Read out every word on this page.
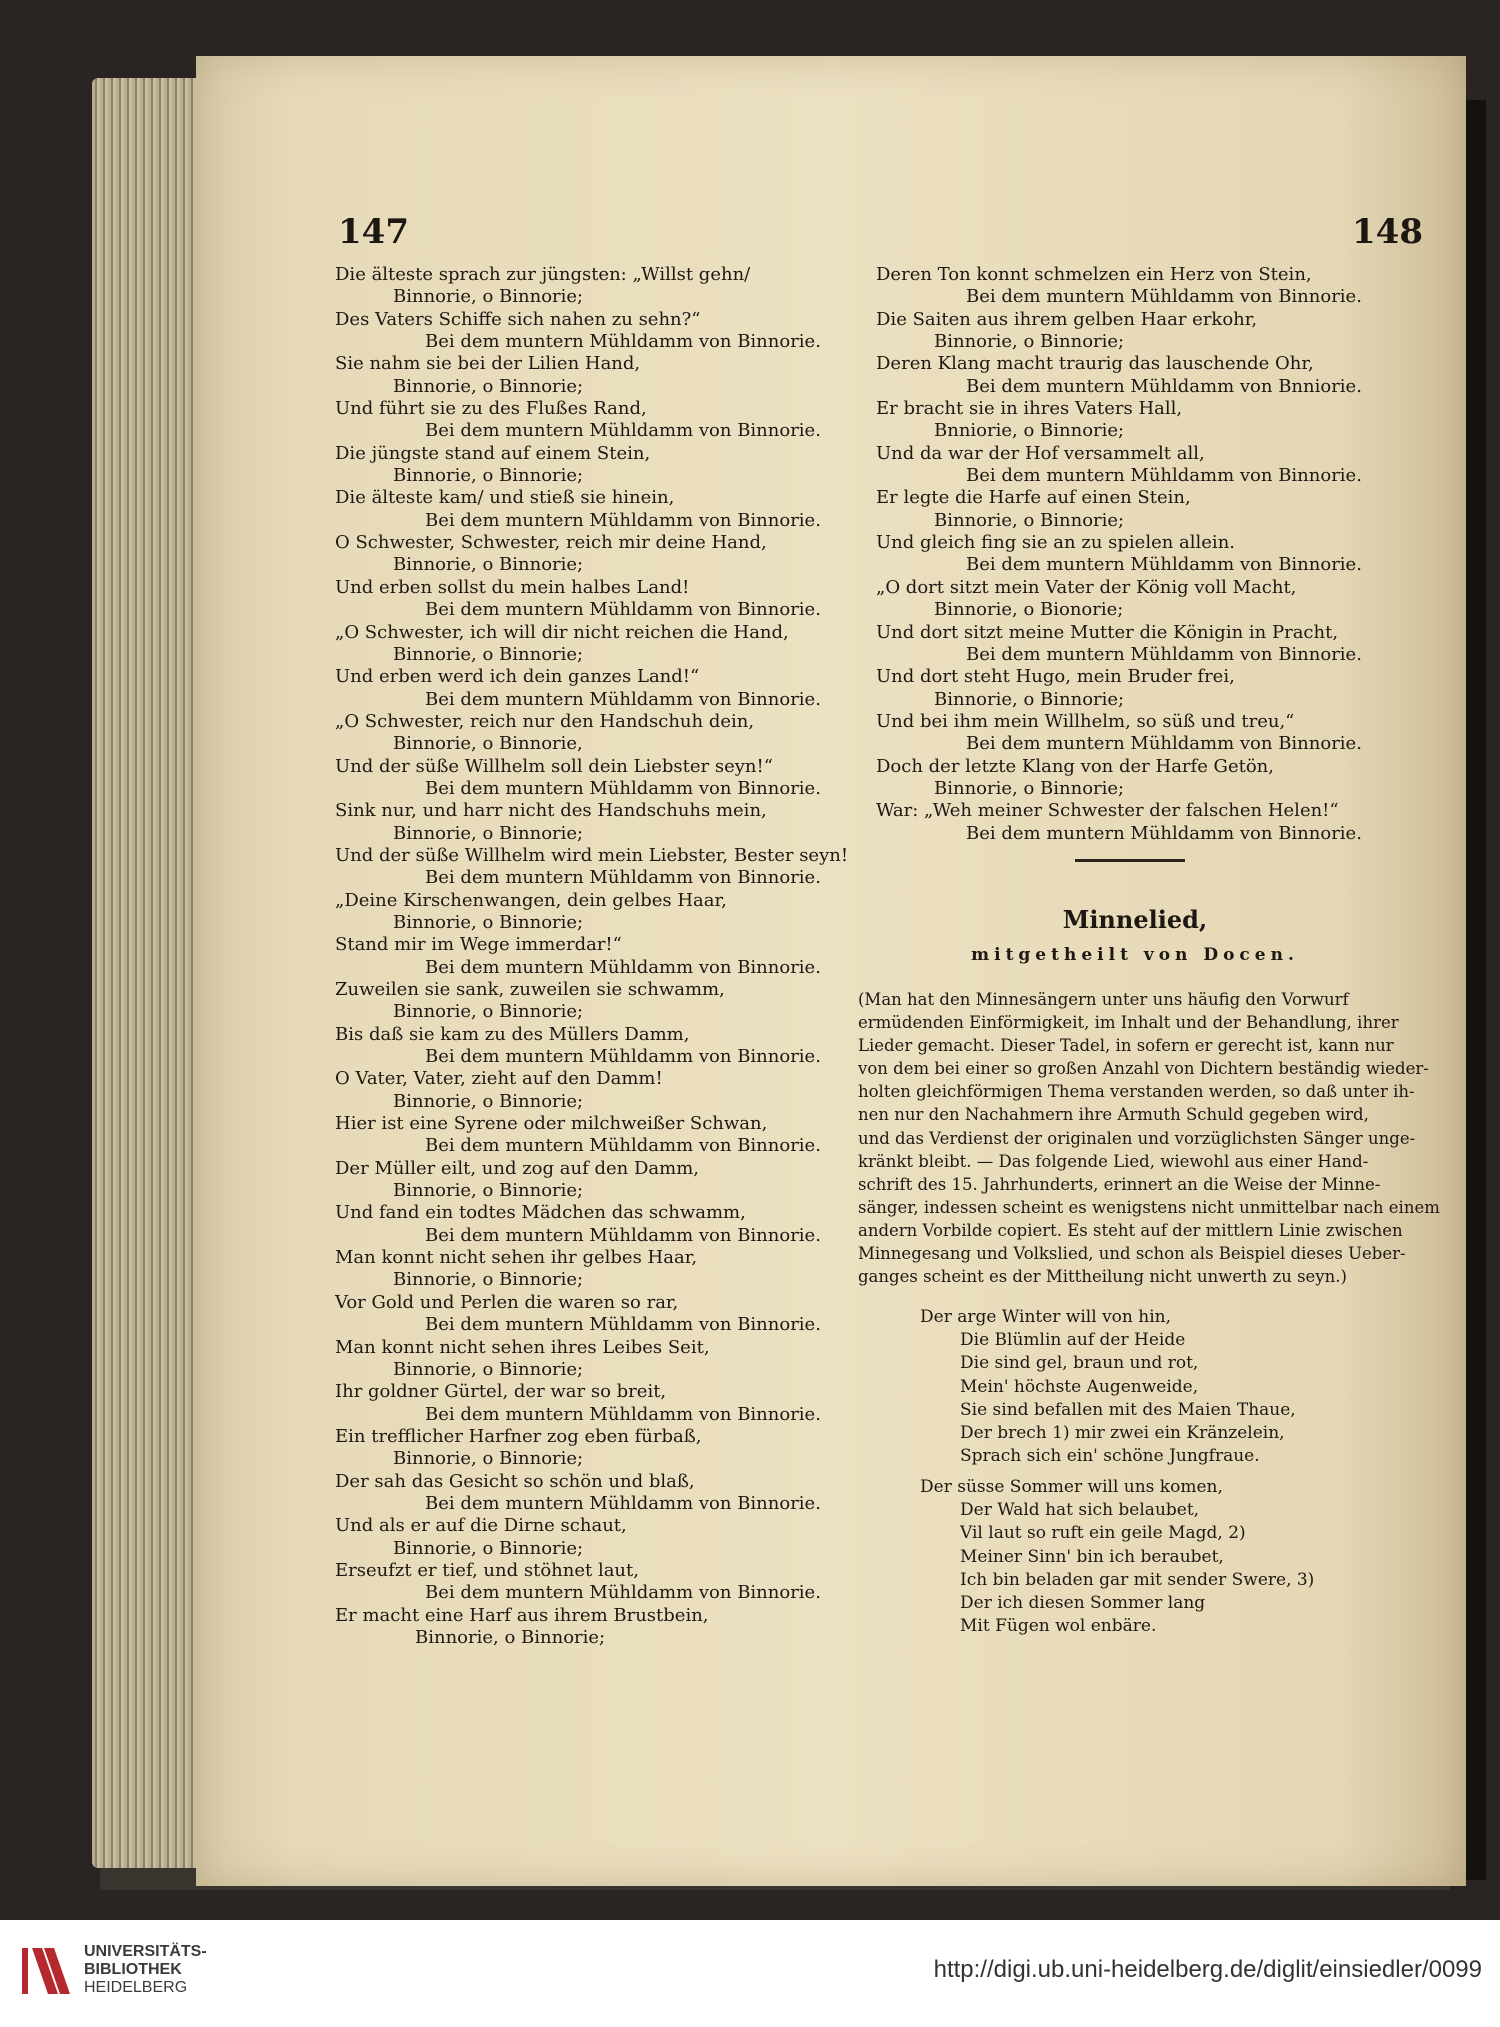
147	148
Die älteste sprach zur jüngsten: „Willst gehn/
Binnorie, o Binnorie;
Des Vaters Schiffe sich nahen zu sehn?“
Bei dem muntern Mühldamm von Binnorie.
Sie nahm sie bei der Lilien Hand,
Binnorie, o Binnorie;
Und führt sie zu des Flußes Rand,
Bei dem muntern Mühldamm von Binnorie.
Die jüngste stand auf einem Stein,
Binnorie, o Binnorie;
Die älteste kam/ und stieß sie hinein,
Bei dem muntern Mühldamm von Binnorie.
O Schwester, Schwester, reich mir deine Hand,
Binnorie, o Binnorie;
Und erben sollst du mein halbes Land!
Bei dem muntern Mühldamm von Binnorie.
„O Schwester, ich will dir nicht reichen die Hand,
Binnorie, o Binnorie;
Und erben werd ich dein ganzes Land!“
Bei dem muntern Mühldamm von Binnorie.
„O Schwester, reich nur den Handschuh dein,
Binnorie, o Binnorie,
Und der süße Willhelm soll dein Liebster seyn!“
Bei dem muntern Mühldamm von Binnorie.
Sink nur, und harr nicht des Handschuhs mein,
Binnorie, o Binnorie;
Und der süße Willhelm wird mein Liebster, Bester seyn!
Bei dem muntern Mühldamm von Binnorie.
„Deine Kirschenwangen, dein gelbes Haar,
Binnorie, o Binnorie;
Stand mir im Wege immerdar!“
Bei dem muntern Mühldamm von Binnorie.
Zuweilen sie sank, zuweilen sie schwamm,
Binnorie, o Binnorie;
Bis daß sie kam zu des Müllers Damm,
Bei dem muntern Mühldamm von Binnorie.
O Vater, Vater, zieht auf den Damm!
Binnorie, o Binnorie;
Hier ist eine Syrene oder milchweißer Schwan,
Bei dem muntern Mühldamm von Binnorie.
Der Müller eilt, und zog auf den Damm,
Binnorie, o Binnorie;
Und fand ein todtes Mädchen das schwamm,
Bei dem muntern Mühldamm von Binnorie.
Man konnt nicht sehen ihr gelbes Haar,
Binnorie, o Binnorie;
Vor Gold und Perlen die waren so rar,
Bei dem muntern Mühldamm von Binnorie.
Man konnt nicht sehen ihres Leibes Seit,
Binnorie, o Binnorie;
Ihr goldner Gürtel, der war so breit,
Bei dem muntern Mühldamm von Binnorie.
Ein trefflicher Harfner zog eben fürbaß,
Binnorie, o Binnorie;
Der sah das Gesicht so schön und blaß,
Bei dem muntern Mühldamm von Binnorie.
Und als er auf die Dirne schaut,
Binnorie, o Binnorie;
Erseufzt er tief, und stöhnet laut,
Bei dem muntern Mühldamm von Binnorie.
Er macht eine Harf aus ihrem Brustbein,
Binnorie, o Binnorie;
Deren Ton konnt schmelzen ein Herz von Stein,
Bei dem muntern Mühldamm von Binnorie.
Die Saiten aus ihrem gelben Haar erkohr,
Binnorie, o Binnorie;
Deren Klang macht traurig das lauschende Ohr,
Bei dem muntern Mühldamm von Bnniorie.
Er bracht sie in ihres Vaters Hall,
Bnniorie, o Binnorie;
Und da war der Hof versammelt all,
Bei dem muntern Mühldamm von Binnorie.
Er legte die Harfe auf einen Stein,
Binnorie, o Binnorie;
Und gleich fing sie an zu spielen allein.
Bei dem muntern Mühldamm von Binnorie.
„O dort sitzt mein Vater der König voll Macht,
Binnorie, o Bionorie;
Und dort sitzt meine Mutter die Königin in Pracht,
Bei dem muntern Mühldamm von Binnorie.
Und dort steht Hugo, mein Bruder frei,
Binnorie, o Binnorie;
Und bei ihm mein Willhelm, so süß und treu,“
Bei dem muntern Mühldamm von Binnorie.
Doch der letzte Klang von der Harfe Getön,
Binnorie, o Binnorie;
War: „Weh meiner Schwester der falschen Helen!“
Bei dem muntern Mühldamm von Binnorie.
Minnelied,
mitgetheilt von Docen.
(Man hat den Minnesängern unter uns häufig den Vorwurf
ermüdenden Einförmigkeit, im Inhalt und der Behandlung, ihrer
Lieder gemacht. Dieser Tadel, in sofern er gerecht ist, kann nur
von dem bei einer so großen Anzahl von Dichtern beständig wieder-
holten gleichförmigen Thema verstanden werden, so daß unter ih-
nen nur den Nachahmern ihre Armuth Schuld gegeben wird,
und das Verdienst der originalen und vorzüglichsten Sänger unge-
kränkt bleibt. — Das folgende Lied, wiewohl aus einer Hand-
schrift des 15. Jahrhunderts, erinnert an die Weise der Minne-
sänger, indessen scheint es wenigstens nicht unmittelbar nach einem
andern Vorbilde copiert. Es steht auf der mittlern Linie zwischen
Minnegesang und Volkslied, und schon als Beispiel dieses Ueber-
ganges scheint es der Mittheilung nicht unwerth zu seyn.)
Der arge Winter will von hin,
Die Blümlin auf der Heide
Die sind gel, braun und rot,
Mein' höchste Augenweide,
Sie sind befallen mit des Maien Thaue,
Der brech 1) mir zwei ein Kränzelein,
Sprach sich ein' schöne Jungfraue.
Der süsse Sommer will uns komen,
Der Wald hat sich belaubet,
Vil laut so ruft ein geile Magd, 2)
Meiner Sinn' bin ich beraubet,
Ich bin beladen gar mit sender Swere, 3)
Der ich diesen Sommer lang
Mit Fügen wol enbäre.
UNIVERSITÄTS-
BIBLIOTHEK
HEIDELBERG
http://digi.ub.uni-heidelberg.de/diglit/einsiedler/0099
